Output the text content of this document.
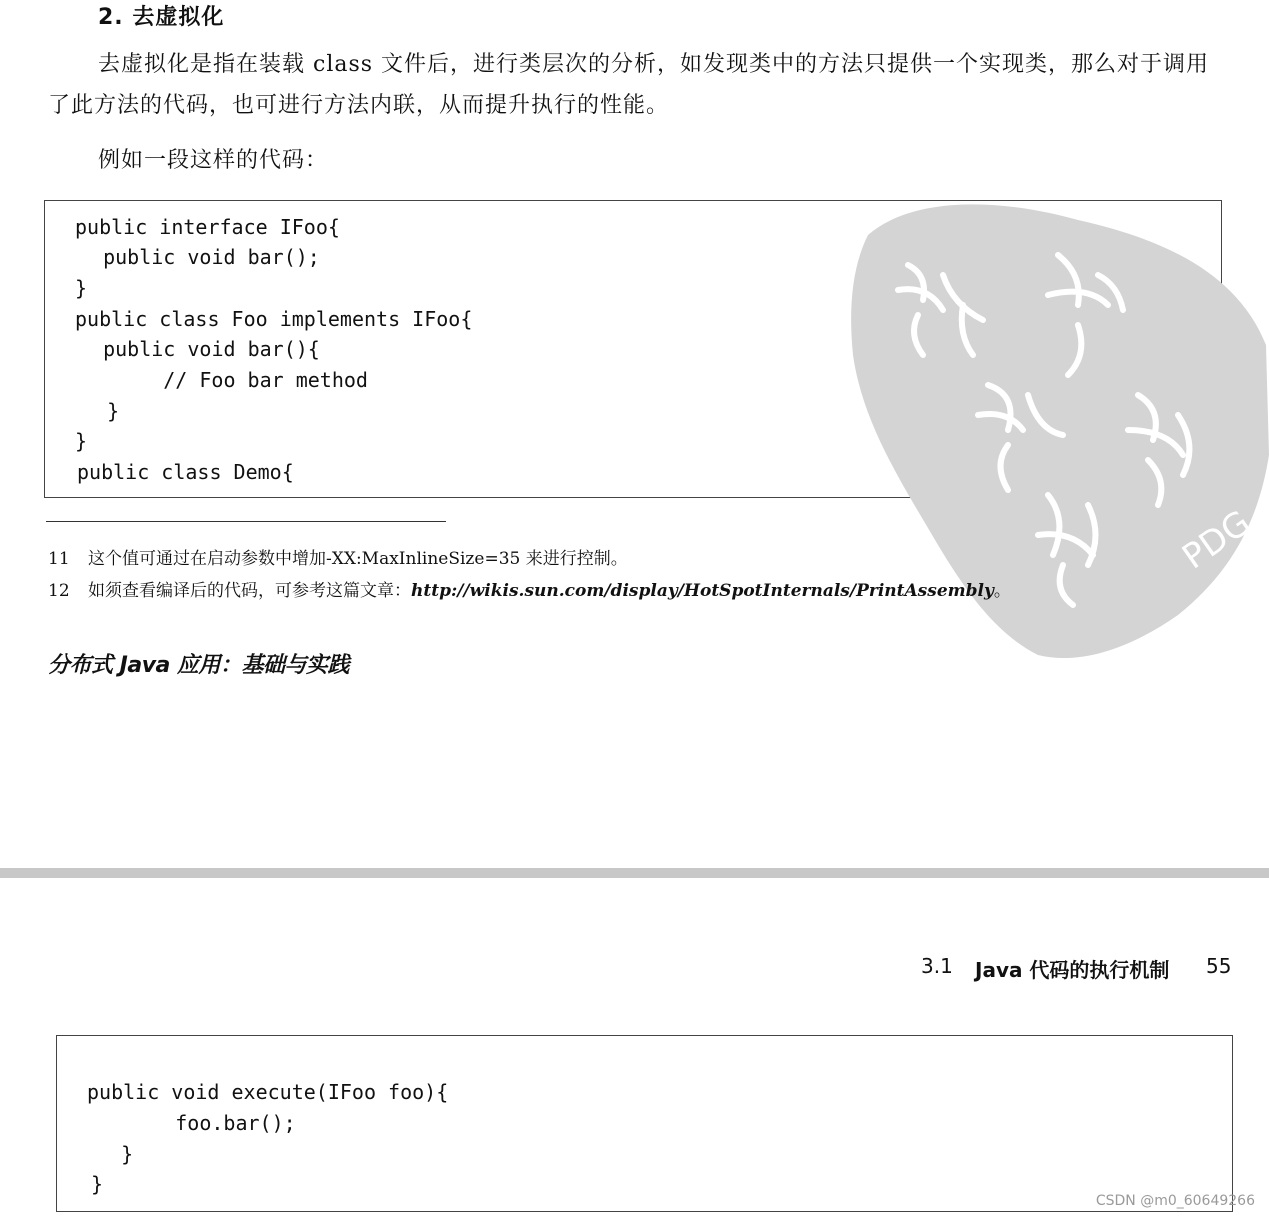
2. 去虚拟化
去虚拟化是指在装载 class 文件后，进行类层次的分析，如发现类中的方法只提供一个实现类，那么对于调用了此方法的代码，也可进行方法内联，从而提升执行的性能。
例如一段这样的代码：
public interface IFoo{
public void bar();
}
public class Foo implements IFoo{
public void bar(){
// Foo bar method
}
}
public class Demo{
PDG
11 这个值可通过在启动参数中增加-XX:MaxInlineSize=35 来进行控制。
12 如须查看编译后的代码，可参考这篇文章：http://wikis.sun.com/display/HotSpotInternals/PrintAssembly。
分布式 Java 应用：基础与实践
3.1 Java 代码的执行机制 55
public void execute(IFoo foo){
foo.bar();
}
}
CSDN @m0_60649266
